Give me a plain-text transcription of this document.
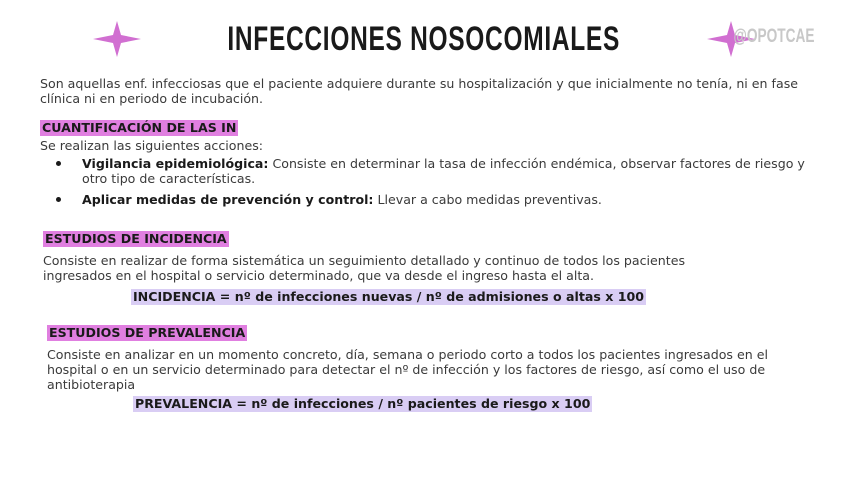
INFECCIONES NOSOCOMIALES	@OPOTCAE

Son aquellas enf. infecciosas que el paciente adquiere durante su hospitalización y que inicialmente no tenía, ni en fase clínica ni en periodo de incubación.

CUANTIFICACIÓN DE LAS IN

Se realizan las siguientes acciones:

Vigilancia epidemiológica: Consiste en determinar la tasa de infección endémica, observar factores de riesgo y otro tipo de características.
Aplicar medidas de prevención y control: Llevar a cabo medidas preventivas.
ESTUDIOS DE INCIDENCIA

Consiste en realizar de forma sistemática un seguimiento detallado y continuo de todos los pacientes ingresados en el hospital o servicio determinado, que va desde el ingreso hasta el alta.

INCIDENCIA = nº de infecciones nuevas / nº de admisiones o altas x 100
ESTUDIOS DE PREVALENCIA

Consiste en analizar en un momento concreto, día, semana o periodo corto a todos los pacientes ingresados en el hospital o en un servicio determinado para detectar el nº de infección y los factores de riesgo, así como el uso de antibioterapia

PREVALENCIA = nº de infecciones / nº pacientes de riesgo x 100
